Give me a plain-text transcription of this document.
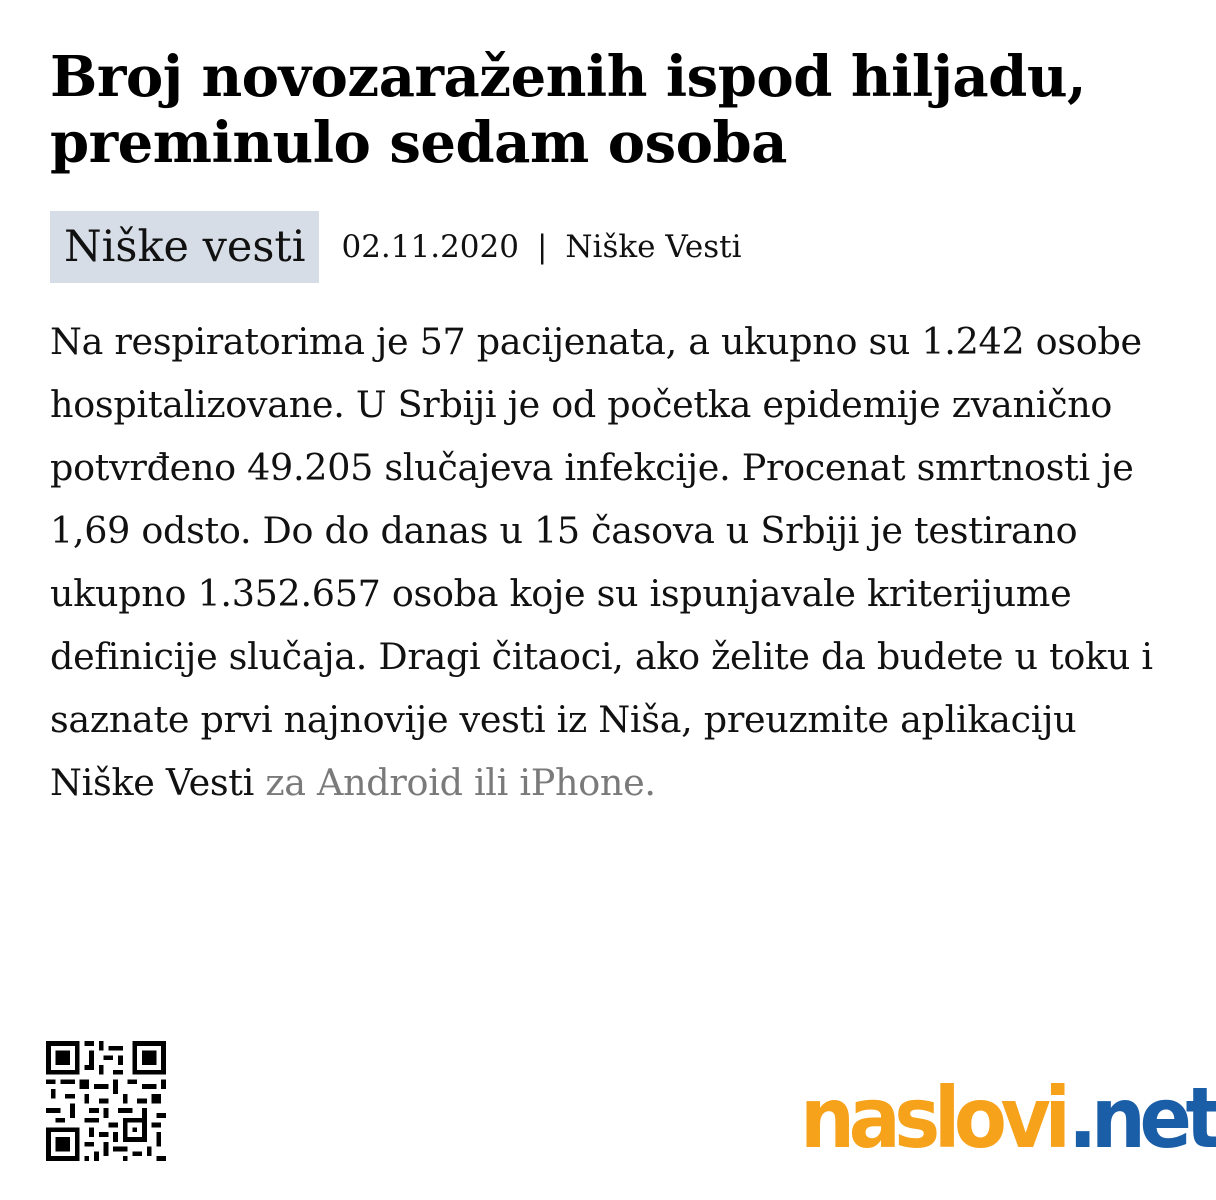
Broj novozaraženih ispod hiljadu, preminulo sedam osoba
Niške vesti	02.11.2020 | Niške Vesti

Na respiratorima je 57 pacijenata, a ukupno su 1.242 osobe hospitalizovane. U Srbiji je od početka epidemije zvanično potvrđeno 49.205 slučajeva infekcije. Procenat smrtnosti je 1,69 odsto. Do do danas u 15 časova u Srbiji je testirano ukupno 1.352.657 osoba koje su ispunjavale kriterijume definicije slučaja. Dragi čitaoci, ako želite da budete u toku i saznate prvi najnovije vesti iz Niša, preuzmite aplikaciju Niške Vesti za Android ili iPhone.

naslovi .net
